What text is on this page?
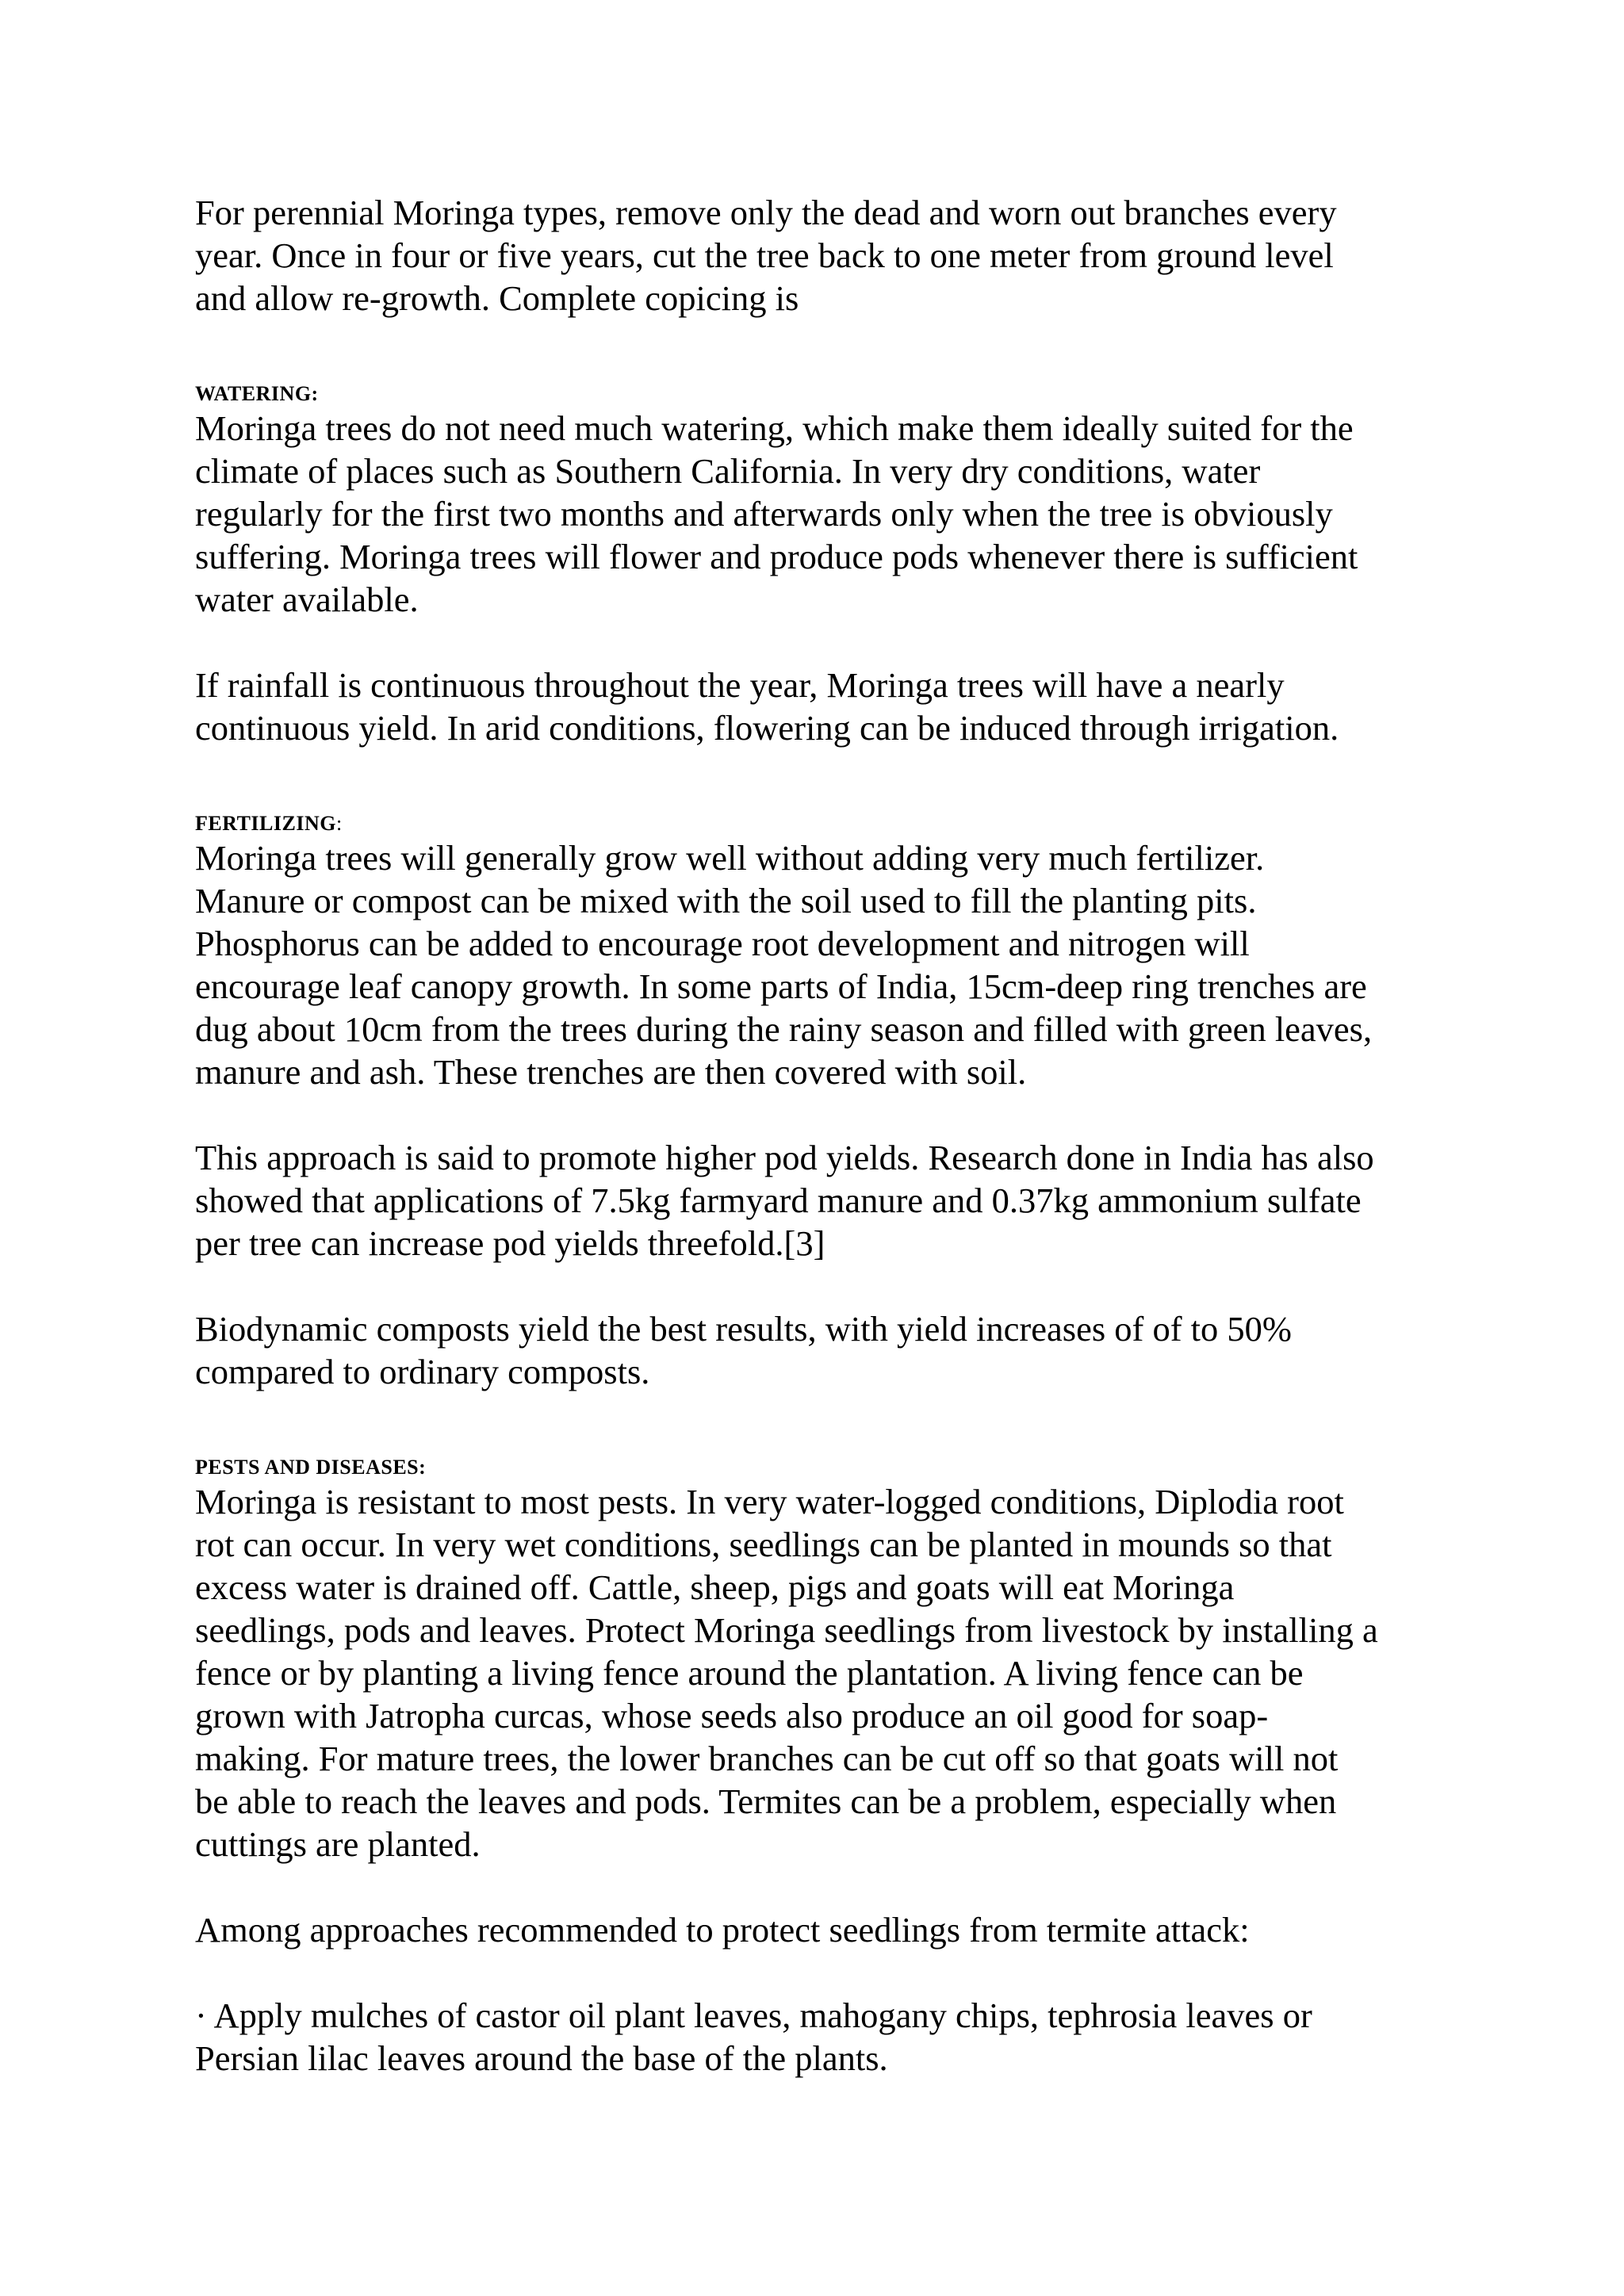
For perennial Moringa types, remove only the dead and worn out branches every
year. Once in four or five years, cut the tree back to one meter from ground level
and allow re-growth. Complete copicing is

WATERING:

Moringa trees do not need much watering, which make them ideally suited for the
climate of places such as Southern California. In very dry conditions, water
regularly for the first two months and afterwards only when the tree is obviously
suffering. Moringa trees will flower and produce pods whenever there is sufficient
water available.

If rainfall is continuous throughout the year, Moringa trees will have a nearly
continuous yield. In arid conditions, flowering can be induced through irrigation.

FERTILIZING:

Moringa trees will generally grow well without adding very much fertilizer.
Manure or compost can be mixed with the soil used to fill the planting pits.
Phosphorus can be added to encourage root development and nitrogen will
encourage leaf canopy growth. In some parts of India, 15cm-deep ring trenches are
dug about 10cm from the trees during the rainy season and filled with green leaves,
manure and ash. These trenches are then covered with soil.

This approach is said to promote higher pod yields. Research done in India has also
showed that applications of 7.5kg farmyard manure and 0.37kg ammonium sulfate
per tree can increase pod yields threefold.[3]

Biodynamic composts yield the best results, with yield increases of of to 50%
compared to ordinary composts.

PESTS AND DISEASES:

Moringa is resistant to most pests. In very water-logged conditions, Diplodia root
rot can occur. In very wet conditions, seedlings can be planted in mounds so that
excess water is drained off. Cattle, sheep, pigs and goats will eat Moringa
seedlings, pods and leaves. Protect Moringa seedlings from livestock by installing a
fence or by planting a living fence around the plantation. A living fence can be
grown with Jatropha curcas, whose seeds also produce an oil good for soap-
making. For mature trees, the lower branches can be cut off so that goats will not
be able to reach the leaves and pods. Termites can be a problem, especially when
cuttings are planted.

Among approaches recommended to protect seedlings from termite attack:

· Apply mulches of castor oil plant leaves, mahogany chips, tephrosia leaves or
Persian lilac leaves around the base of the plants.
